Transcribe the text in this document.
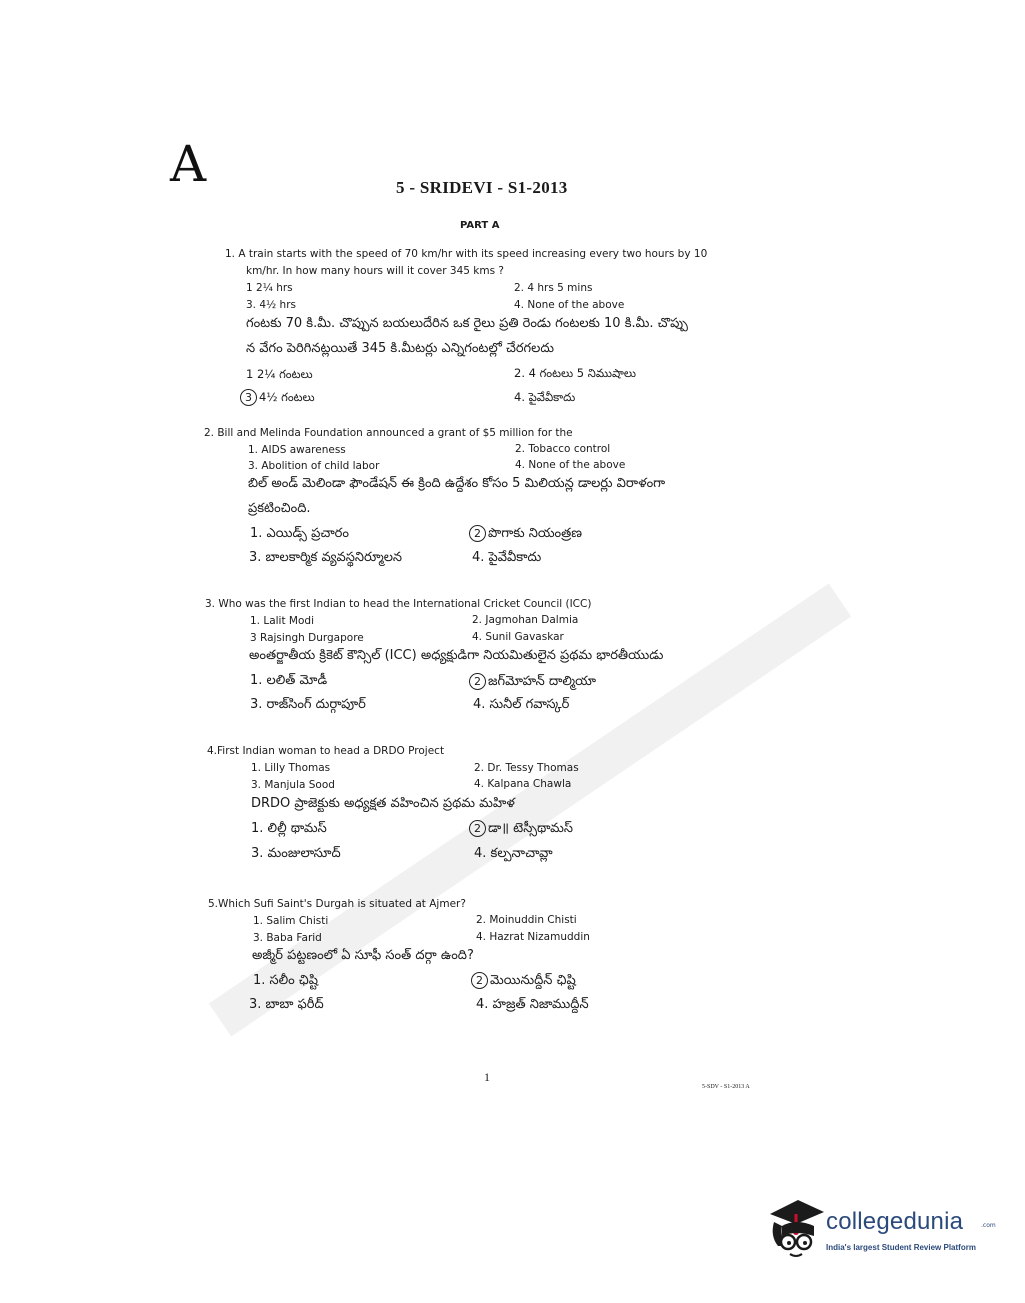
A	5 - SRIDEVI - S1-2013
PART A
1. A train starts with the speed of 70 km/hr with its speed increasing every two hours by 10
km/hr. In how many hours will it cover 345 kms ?
1 2¼ hrs	2. 4 hrs 5 mins
3. 4½ hrs	4. None of the above
గంటకు 70 కి.మీ. చొప్పున బయలుదేరిన ఒక రైలు ప్రతి రెండు గంటలకు 10 కి.మీ. చొప్పు
న వేగం పెరిగినట్లయితే 345 కి.మీటర్లు ఎన్నిగంటల్లో చేరగలదు
1 2¼ గంటలు	2. 4 గంటలు 5 నిముషాలు
3 4½ గంటలు	4. పైవేవీకాదు
2. Bill and Melinda Foundation announced a grant of $5 million for the
1. AIDS awareness	2. Tobacco control
3. Abolition of child labor	4. None of the above
బిల్ అండ్ మెలిండా ఫౌండేషన్ ఈ క్రింది ఉద్దేశం కోసం 5 మిలియన్ల డాలర్లు విరాళంగా
ప్రకటించింది.
1. ఎయిడ్స్ ప్రచారం	2 పొగాకు నియంత్రణ
3. బాలకార్మిక వ్యవస్థనిర్మూలన	4. పైవేవీకాదు
3. Who was the first Indian to head the International Cricket Council (ICC)
1. Lalit Modi	2. Jagmohan Dalmia
3 Rajsingh Durgapore	4. Sunil Gavaskar
అంతర్జాతీయ క్రికెట్ కౌన్సిల్ (ICC) అధ్యక్షుడిగా నియమితులైన ప్రథమ భారతీయుడు
1. లలిత్ మోడీ	2 జగ్‌మోహన్ దాల్మియా
3. రాజ్‌సింగ్ దుర్గాపూర్	4. సునీల్ గవాస్కర్
4.First Indian woman to head a DRDO Project
1. Lilly Thomas	2. Dr. Tessy Thomas
3. Manjula Sood	4. Kalpana Chawla
DRDO ప్రాజెక్టుకు అధ్యక్షత వహించిన ప్రథమ మహిళ
1. లిల్లీ థామస్	2 డా॥ టెస్సీథామస్
3. మంజులాసూద్	4. కల్పనాచావ్లా
5.Which Sufi Saint's Durgah is situated at Ajmer?
1. Salim Chisti	2. Moinuddin Chisti
3. Baba Farid	4. Hazrat Nizamuddin
అజ్మీర్ పట్టణంలో ఏ సూఫీ సంత్ దర్గా ఉంది?
1. సలీం ఛిష్టి	2 మెయినుద్దీన్ ఛిష్టి
3. బాబా ఫరీద్	4. హజ్రత్ నిజాముద్దీన్
1
5-SDV - S1-2013 A
collegedunia	.com
India's largest Student Review Platform
